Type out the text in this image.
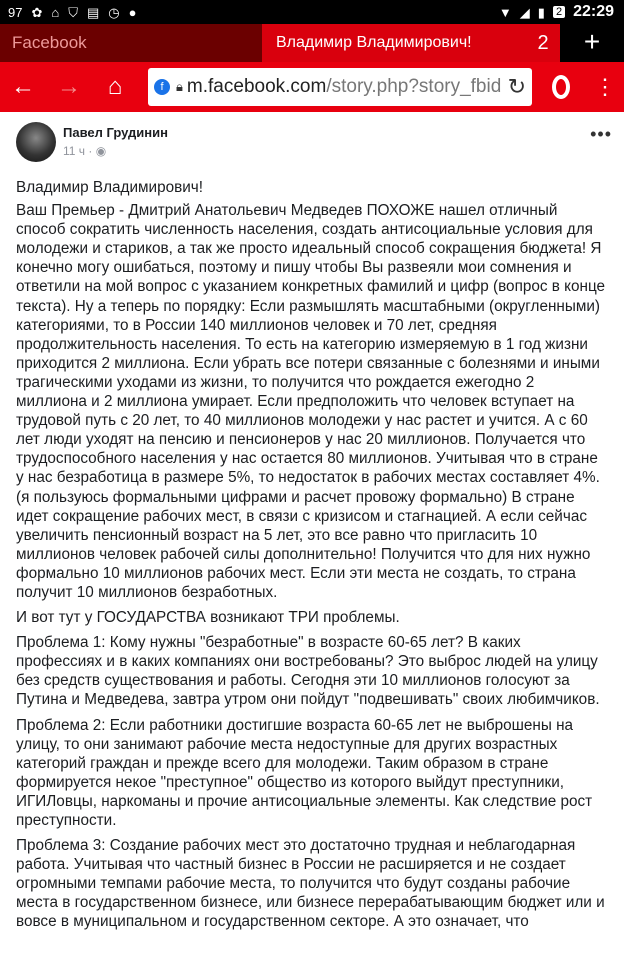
97 ✿ ⌂ ⛉ ▤ ◷ ●	▼ ◢ ▮ 2 22:29
Facebook	Владимир Владимирович!	2	+
← → ⌂	f 🔒︎ m.facebook.com/story.php?story_fbid ↻	⋮
Павел Грудинин
11 ч · ◉
•••

Владимир Владимирович!

Ваш Премьер - Дмитрий Анатольевич Медведев ПОХОЖЕ нашел отличный способ сократить численность населения, создать антисоциальные условия для молодежи и стариков, а так же просто идеальный способ сокращения бюджета! Я конечно могу ошибаться, поэтому и пишу чтобы Вы развеяли мои сомнения и ответили на мой вопрос с указанием конкретных фамилий и цифр (вопрос в конце текста). Ну а теперь по порядку: Если размышлять масштабными (округленными) категориями, то в России 140 миллионов человек и 70 лет, средняя продолжительность населения. То есть на категорию измеряемую в 1 год жизни приходится 2 миллиона. Если убрать все потери связанные с болезнями и иными трагическими уходами из жизни, то получится что рождается ежегодно 2 миллиона и 2 миллиона умирает. Если предположить что человек вступает на трудовой путь с 20 лет, то 40 миллионов молодежи у нас растет и учится. А с 60 лет люди уходят на пенсию и пенсионеров у нас 20 миллионов. Получается что трудоспособного населения у нас остается 80 миллионов. Учитывая что в стране у нас безработица в размере 5%, то недостаток в рабочих местах составляет 4%. (я пользуюсь формальными цифрами и расчет провожу формально) В стране идет сокращение рабочих мест, в связи с кризисом и стагнацией. А если сейчас увеличить пенсионный возраст на 5 лет, это все равно что пригласить 10 миллионов человек рабочей силы дополнительно! Получится что для них нужно формально 10 миллионов рабочих мест. Если эти места не создать, то страна получит 10 миллионов безработных.

И вот тут у ГОСУДАРСТВА возникают ТРИ проблемы.

Проблема 1: Кому нужны "безработные" в возрасте 60-65 лет? В каких профессиях и в каких компаниях они востребованы? Это выброс людей на улицу без средств существования и работы. Сегодня эти 10 миллионов голосуют за Путина и Медведева, завтра утром они пойдут "подвешивать" своих любимчиков.

Проблема 2: Если работники достигшие возраста 60-65 лет не выброшены на улицу, то они занимают рабочие места недоступные для других возрастных категорий граждан и прежде всего для молодежи. Таким образом в стране формируется некое "преступное" общество из которого выйдут преступники, ИГИЛовцы, наркоманы и прочие антисоциальные элементы. Как следствие рост преступности.

Проблема 3: Создание рабочих мест это достаточно трудная и неблагодарная работа. Учитывая что частный бизнес в России не расширяется и не создает огромными темпами рабочие места, то получится что будут созданы рабочие места в государственном бизнесе, или бизнесе перерабатывающим бюджет или и вовсе в муниципальном и государственном секторе. А это означает, что
